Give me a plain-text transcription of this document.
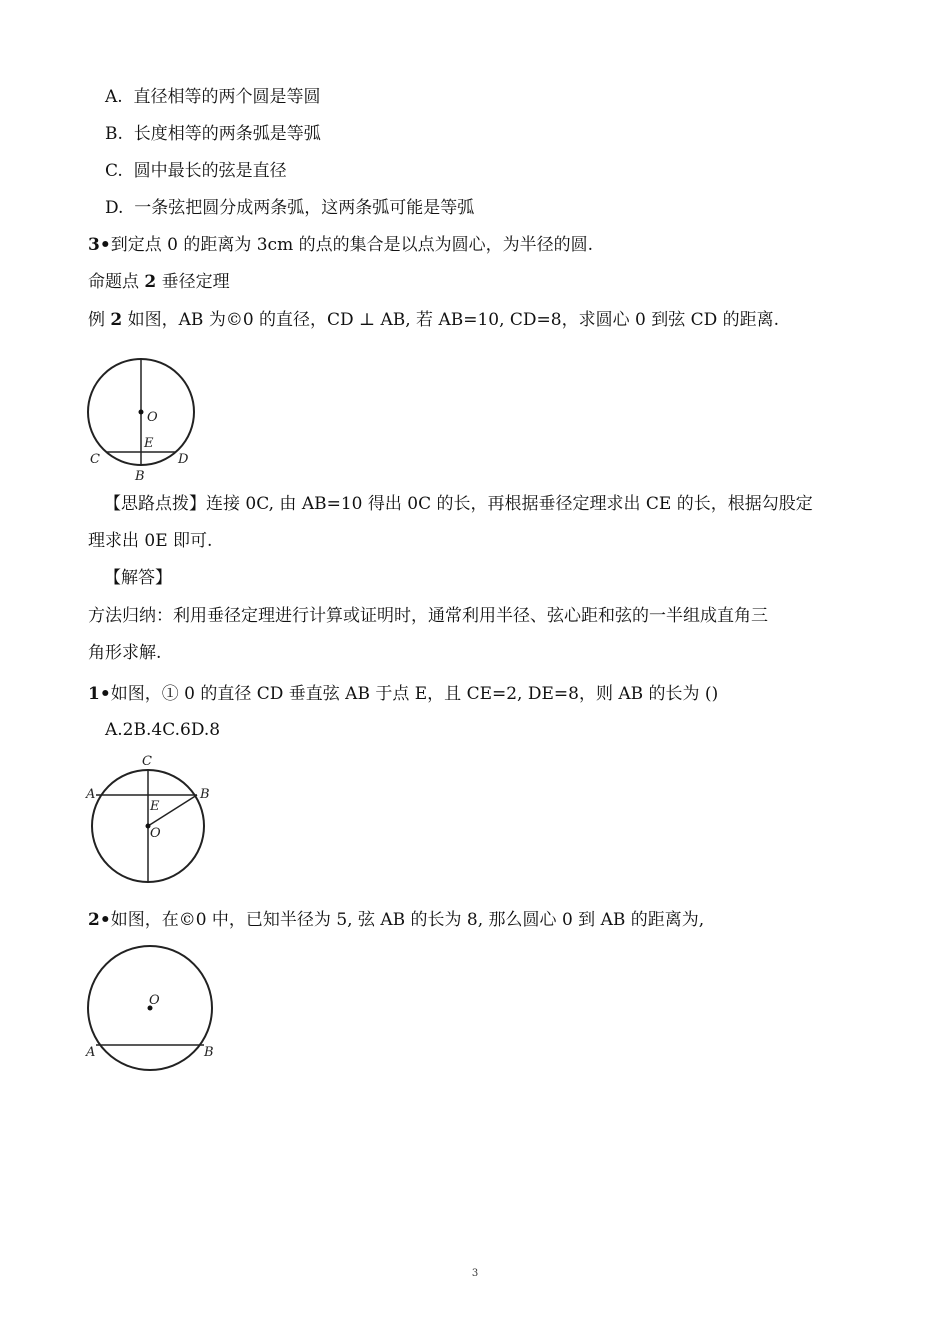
A. 直径相等的两个圆是等圆
B. 长度相等的两条弧是等弧
C. 圆中最长的弦是直径
D. 一条弦把圆分成两条弧，这两条弧可能是等弧
3•到定点 0 的距离为 3cm 的点的集合是以点为圆心，为半径的圆.
命题点 2 垂径定理
例 2 如图，AB 为©0 的直径，CD ⊥ AB, 若 AB=10, CD=8，求圆心 0 到弦 CD 的距离.
O
E
C	D
B
【思路点拨】连接 0C, 由 AB=10 得出 0C 的长，再根据垂径定理求出 CE 的长，根据勾股定
理求出 0E 即可.
【解答】
方法归纳：利用垂径定理进行计算或证明时，通常利用半径、弦心距和弦的一半组成直角三
角形求解.
1•如图，① 0 的直径 CD 垂直弦 AB 于点 E，且 CE=2, DE=8，则 AB 的长为 ()
A.2B.4C.6D.8
C
A	B
E
O
2•如图，在©0 中，已知半径为 5, 弦 AB 的长为 8, 那么圆心 0 到 AB 的距离为,
O
A	B
3
